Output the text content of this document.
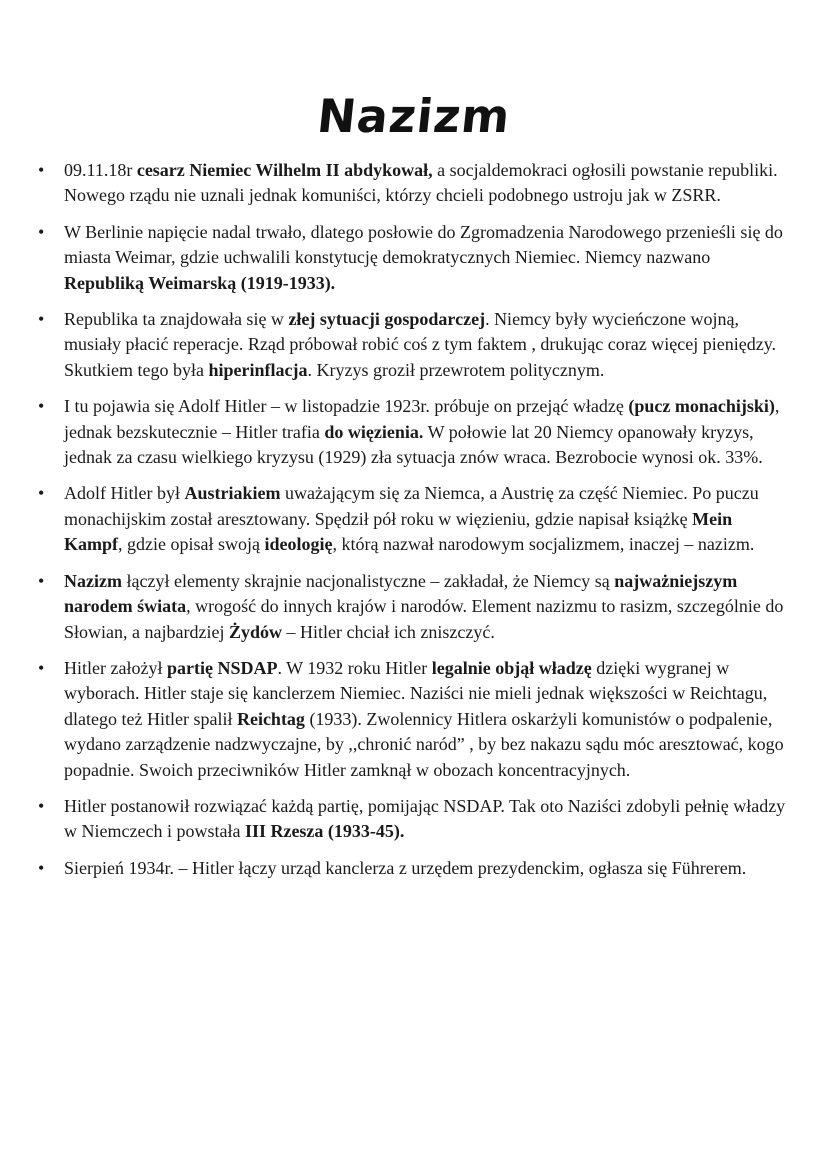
Nazizm
• 09.11.18r cesarz Niemiec Wilhelm II abdykował, a socjaldemokraci ogłosili powstanie republiki. Nowego rządu nie uznali jednak komuniści, którzy chcieli podobnego ustroju jak w ZSRR.
• W Berlinie napięcie nadal trwało, dlatego posłowie do Zgromadzenia Narodowego przenieśli się do miasta Weimar, gdzie uchwalili konstytucję demokratycznych Niemiec. Niemcy nazwano Republiką Weimarską (1919-1933).
• Republika ta znajdowała się w złej sytuacji gospodarczej. Niemcy były wycieńczone wojną, musiały płacić reperacje. Rząd próbował robić coś z tym faktem , drukując coraz więcej pieniędzy. Skutkiem tego była hiperinflacja. Kryzys groził przewrotem politycznym.
• I tu pojawia się Adolf Hitler – w listopadzie 1923r. próbuje on przejąć władzę (pucz monachijski), jednak bezskutecznie – Hitler trafia do więzienia. W połowie lat 20 Niemcy opanowały kryzys, jednak za czasu wielkiego kryzysu (1929) zła sytuacja znów wraca. Bezrobocie wynosi ok. 33%.
• Adolf Hitler był Austriakiem uważającym się za Niemca, a Austrię za część Niemiec. Po puczu monachijskim został aresztowany. Spędził pół roku w więzieniu, gdzie napisał książkę Mein Kampf, gdzie opisał swoją ideologię, którą nazwał narodowym socjalizmem, inaczej – nazizm.
• Nazizm łączył elementy skrajnie nacjonalistyczne – zakładał, że Niemcy są najważniejszym narodem świata, wrogość do innych krajów i narodów. Element nazizmu to rasizm, szczególnie do Słowian, a najbardziej Żydów – Hitler chciał ich zniszczyć.
• Hitler założył partię NSDAP. W 1932 roku Hitler legalnie objął władzę dzięki wygranej w wyborach. Hitler staje się kanclerzem Niemiec. Naziści nie mieli jednak większości w Reichtagu, dlatego też Hitler spalił Reichtag (1933). Zwolennicy Hitlera oskarżyli komunistów o podpalenie, wydano zarządzenie nadzwyczajne, by ,,chronić naród” , by bez nakazu sądu móc aresztować, kogo popadnie. Swoich przeciwników Hitler zamknął w obozach koncentracyjnych.
• Hitler postanowił rozwiązać każdą partię, pomijając NSDAP. Tak oto Naziści zdobyli pełnię władzy w Niemczech i powstała III Rzesza (1933-45).
• Sierpień 1934r. – Hitler łączy urząd kanclerza z urzędem prezydenckim, ogłasza się Führerem.
